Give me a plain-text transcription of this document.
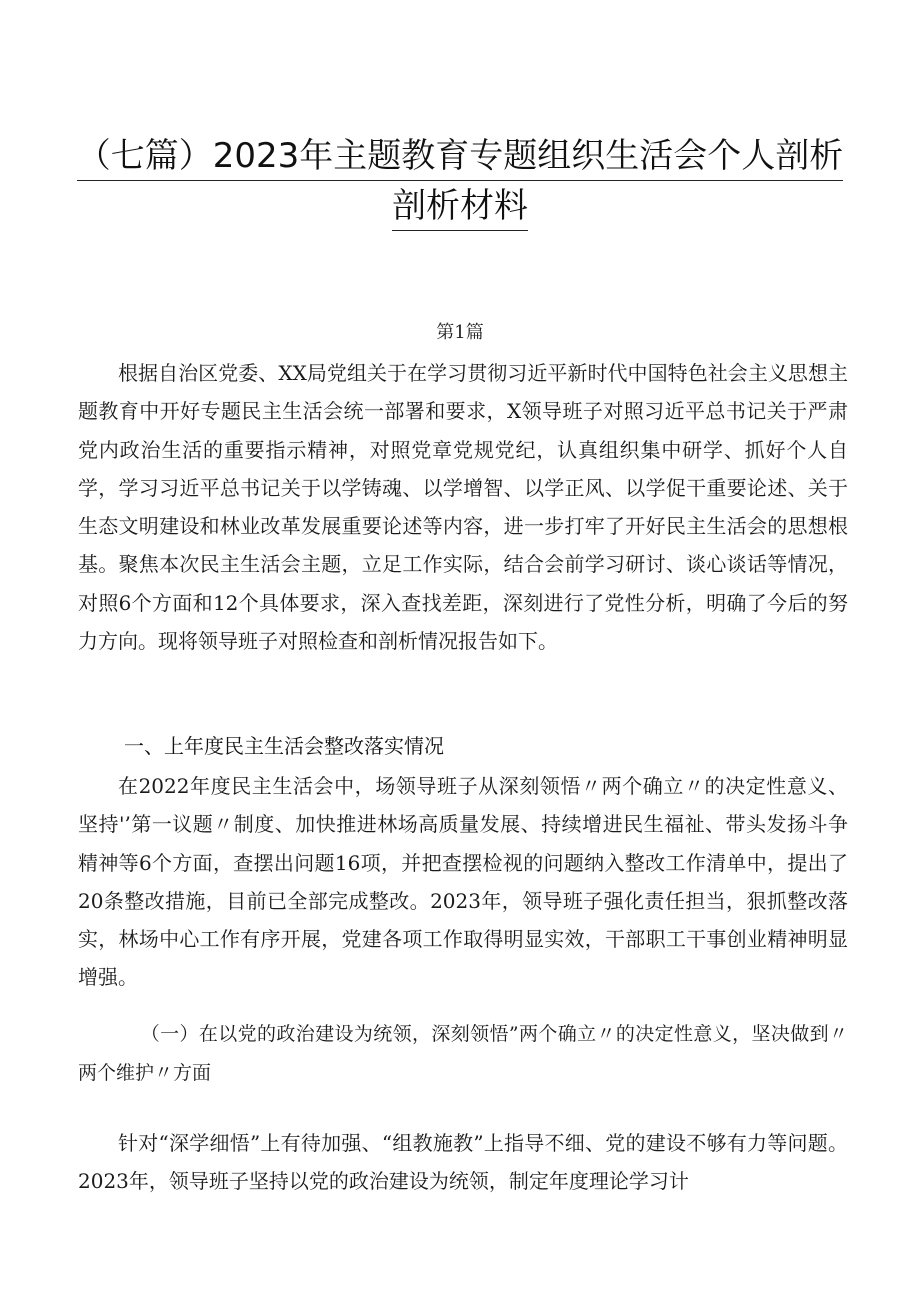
（七篇）2023年主题教育专题组织生活会个人剖析
剖析材料
第1篇

根据自治区党委、XX局党组关于在学习贯彻习近平新时代中国特色社会主义思想主题教育中开好专题民主生活会统一部署和要求，X领导班子对照习近平总书记关于严肃党内政治生活的重要指示精神，对照党章党规党纪，认真组织集中研学、抓好个人自学，学习习近平总书记关于以学铸魂、以学增智、以学正风、以学促干重要论述、关于生态文明建设和林业改革发展重要论述等内容，进一步打牢了开好民主生活会的思想根基。聚焦本次民主生活会主题，立足工作实际，结合会前学习研讨、谈心谈话等情况，对照6个方面和12个具体要求，深入查找差距，深刻进行了党性分析，明确了今后的努力方向。现将领导班子对照检查和剖析情况报告如下。

一、上年度民主生活会整改落实情况

在2022年度民主生活会中，场领导班子从深刻领悟〃两个确立〃的决定性意义、坚持'’第一议题〃制度、加快推进林场高质量发展、持续增进民生福祉、带头发扬斗争精神等6个方面，查摆出问题16项，并把查摆检视的问题纳入整改工作清单中，提出了20条整改措施，目前已全部完成整改。2023年，领导班子强化责任担当，狠抓整改落实，林场中心工作有序开展，党建各项工作取得明显实效，干部职工干事创业精神明显增强。

（一）在以党的政治建设为统领，深刻领悟”两个确立〃的决定性意义，坚决做到〃两个维护〃方面

针对“深学细悟”上有待加强、“组教施教”上指导不细、党的建设不够有力等问题。2023年，领导班子坚持以党的政治建设为统领，制定年度理论学习计
